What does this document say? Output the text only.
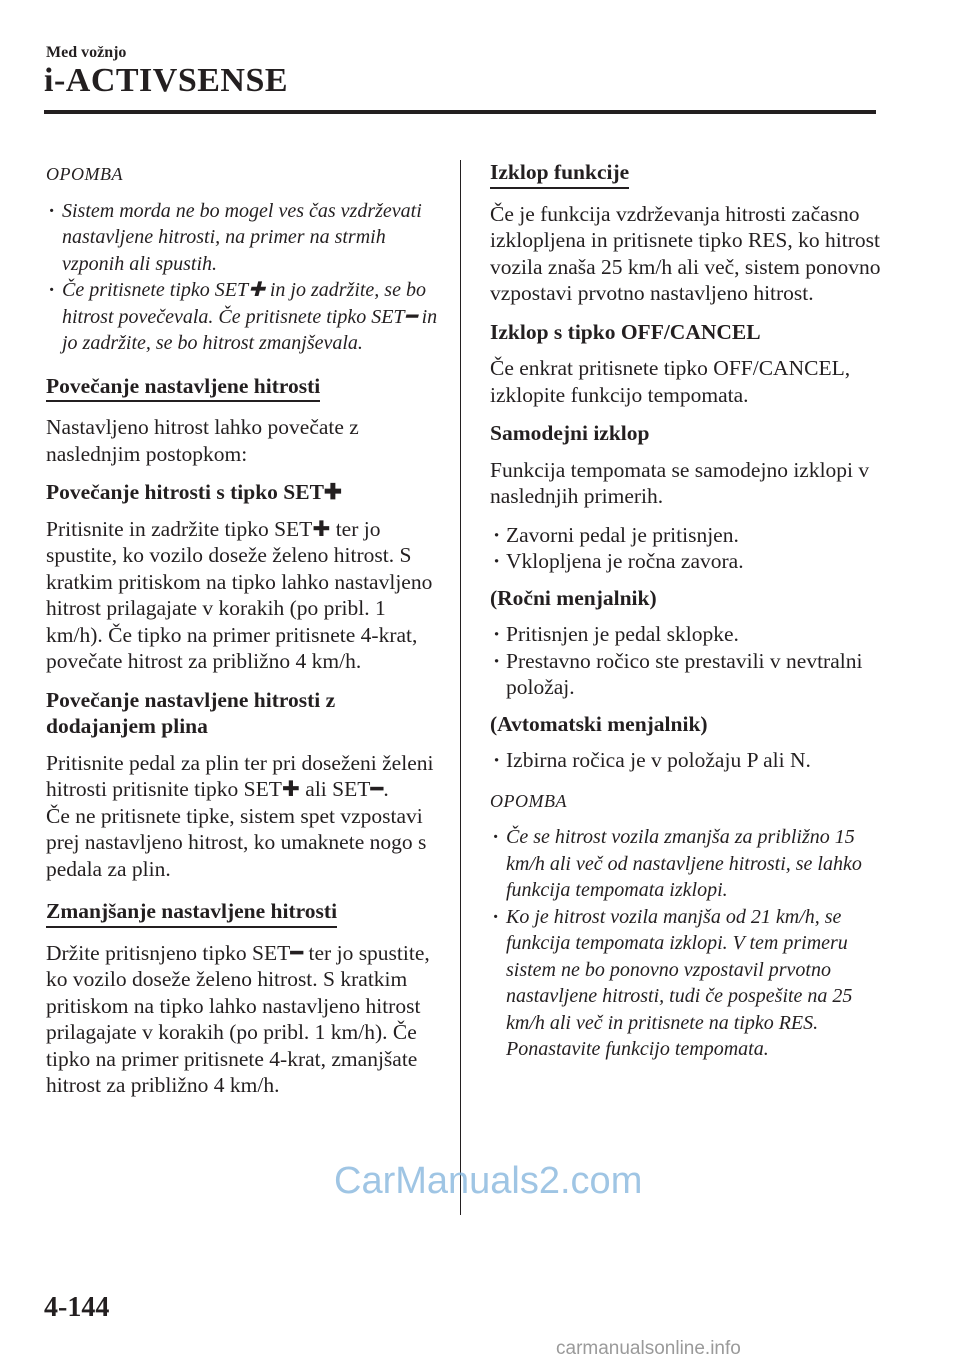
Med vožnjo
i-ACTIVSENSE
OPOMBA
· Sistem morda ne bo mogel ves čas vzdrževati nastavljene hitrosti, na primer na strmih vzponih ali spustih.
· Če pritisnete tipko SET✚ in jo zadržite, se bo hitrost povečevala. Če pritisnete tipko SET━ in jo zadržite, se bo hitrost zmanjševala.
Povečanje nastavljene hitrosti

Nastavljeno hitrost lahko povečate z naslednjim postopkom:

Povečanje hitrosti s tipko SET✚

Pritisnite in zadržite tipko SET✚ ter jo spustite, ko vozilo doseže želeno hitrost. S kratkim pritiskom na tipko lahko nastavljeno hitrost prilagajate v korakih (po pribl. 1 km/h). Če tipko na primer pritisnete 4-krat, povečate hitrost za približno 4 km/h.

Povečanje nastavljene hitrosti z dodajanjem plina

Pritisnite pedal za plin ter pri doseženi želeni hitrosti pritisnite tipko SET✚ ali SET━.

Če ne pritisnete tipke, sistem spet vzpostavi prej nastavljeno hitrost, ko umaknete nogo s pedala za plin.

Zmanjšanje nastavljene hitrosti

Držite pritisnjeno tipko SET━ ter jo spustite, ko vozilo doseže želeno hitrost. S kratkim pritiskom na tipko lahko nastavljeno hitrost prilagajate v korakih (po pribl. 1 km/h). Če tipko na primer pritisnete 4-krat, zmanjšate hitrost za približno 4 km/h.

Izklop funkcije

Če je funkcija vzdrževanja hitrosti začasno izklopljena in pritisnete tipko RES, ko hitrost vozila znaša 25 km/h ali več, sistem ponovno vzpostavi prvotno nastavljeno hitrost.

Izklop s tipko OFF/CANCEL

Če enkrat pritisnete tipko OFF/CANCEL, izklopite funkcijo tempomata.

Samodejni izklop

Funkcija tempomata se samodejno izklopi v naslednjih primerih.

· Zavorni pedal je pritisnjen.
· Vklopljena je ročna zavora.
(Ročni menjalnik)
· Pritisnjen je pedal sklopke.
· Prestavno ročico ste prestavili v nevtralni položaj.
(Avtomatski menjalnik)
· Izbirna ročica je v položaju P ali N.
OPOMBA
· Če se hitrost vozila zmanjša za približno 15 km/h ali več od nastavljene hitrosti, se lahko funkcija tempomata izklopi.
· Ko je hitrost vozila manjša od 21 km/h, se funkcija tempomata izklopi. V tem primeru sistem ne bo ponovno vzpostavil prvotno nastavljene hitrosti, tudi če pospešite na 25 km/h ali več in pritisnete na tipko RES. Ponastavite funkcijo tempomata.
4-144
CarManuals2.com
carmanualsonline.info
